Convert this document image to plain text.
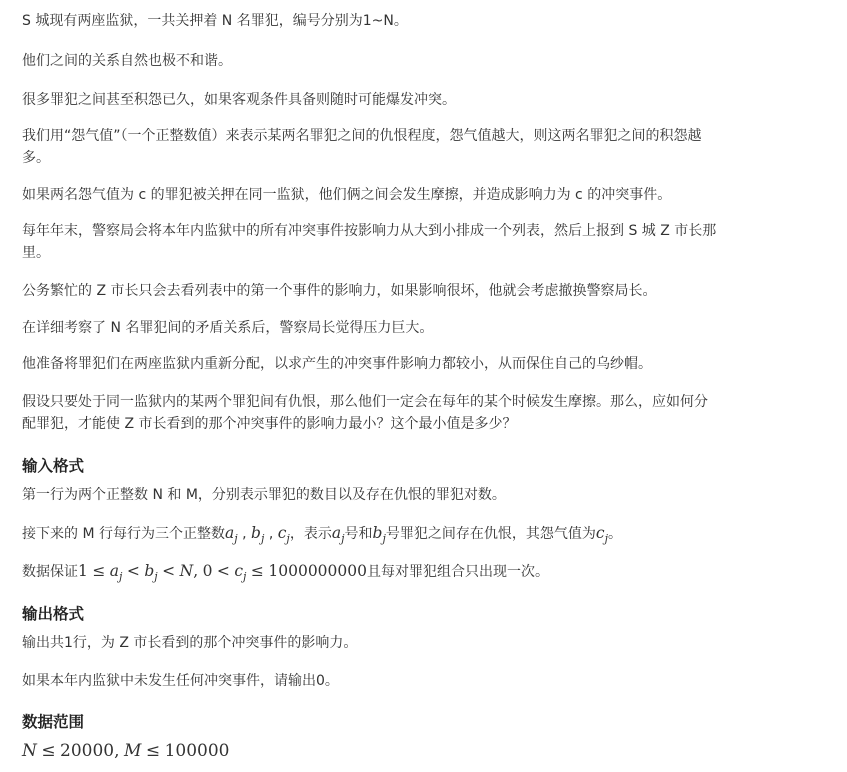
S 城现有两座监狱，一共关押着 N 名罪犯，编号分别为1~N。

他们之间的关系自然也极不和谐。

很多罪犯之间甚至积怨已久，如果客观条件具备则随时可能爆发冲突。

我们用“怨气值”（一个正整数值）来表示某两名罪犯之间的仇恨程度，怨气值越大，则这两名罪犯之间的积怨越

多。

如果两名怨气值为 c 的罪犯被关押在同一监狱，他们俩之间会发生摩擦，并造成影响力为 c 的冲突事件。

每年年末，警察局会将本年内监狱中的所有冲突事件按影响力从大到小排成一个列表，然后上报到 S 城 Z 市长那

里。

公务繁忙的 Z 市长只会去看列表中的第一个事件的影响力，如果影响很坏，他就会考虑撤换警察局长。

在详细考察了 N 名罪犯间的矛盾关系后，警察局长觉得压力巨大。

他准备将罪犯们在两座监狱内重新分配，以求产生的冲突事件影响力都较小，从而保住自己的乌纱帽。

假设只要处于同一监狱内的某两个罪犯间有仇恨，那么他们一定会在每年的某个时候发生摩擦。那么，应如何分

配罪犯，才能使 Z 市长看到的那个冲突事件的影响力最小？这个最小值是多少？

输入格式

第一行为两个正整数 N 和 M，分别表示罪犯的数目以及存在仇恨的罪犯对数。

接下来的 M 行每行为三个正整数$a_j$ , $b_j$ , $c_j$，表示$a_j$号和$b_j$号罪犯之间存在仇恨，其怨气值为$c_j$。

数据保证$1 \le a_j < b_j < N$, $0 < c_j \le 1000000000$且每对罪犯组合只出现一次。

输出格式

输出共1行，为 Z 市长看到的那个冲突事件的影响力。

如果本年内监狱中未发生任何冲突事件，请输出0。

数据范围

N ≤ 20000, M ≤ 100000
